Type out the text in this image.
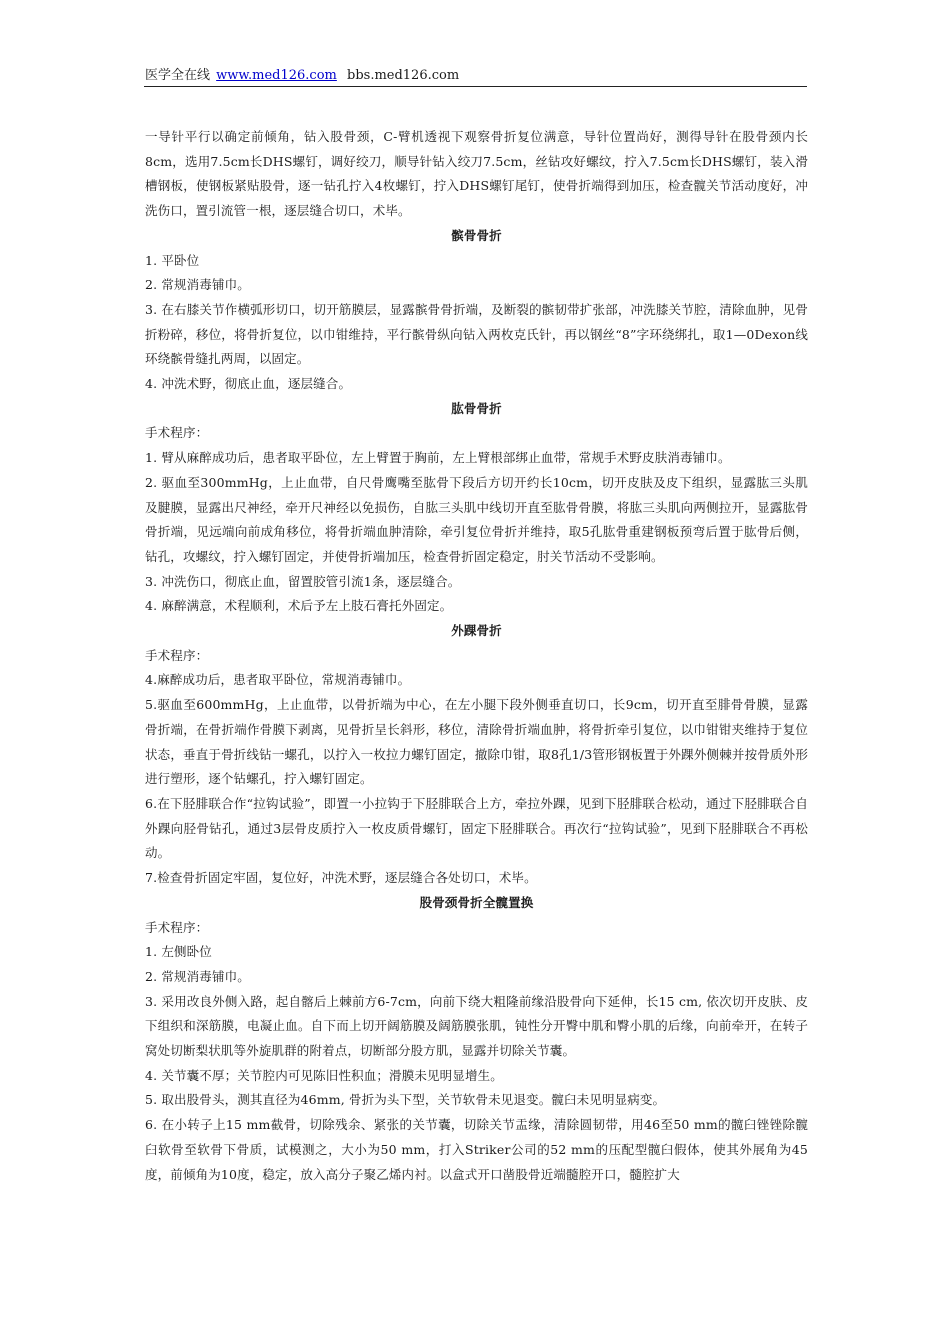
医学全在线 www.med126.com bbs.med126.com

一导针平行以确定前倾角，钻入股骨颈，C-臂机透视下观察骨折复位满意，导针位置尚好，测得导针在股骨颈内长8cm，选用7.5cm长DHS螺钉，调好绞刀，顺导针钻入绞刀7.5cm，丝钻攻好螺纹，拧入7.5cm长DHS螺钉，装入滑槽钢板，使钢板紧贴股骨，逐一钻孔拧入4枚螺钉，拧入DHS螺钉尾钉，使骨折端得到加压，检查髋关节活动度好，冲洗伤口，置引流管一根，逐层缝合切口，术毕。

髌骨骨折

1. 平卧位

2. 常规消毒铺巾。

3. 在右膝关节作横弧形切口，切开筋膜层，显露髌骨骨折端，及断裂的髌韧带扩张部，冲洗膝关节腔，清除血肿，见骨折粉碎，移位，将骨折复位，以巾钳维持，平行髌骨纵向钻入两枚克氏针，再以钢丝“8”字环绕绑扎，取1—0Dexon线环绕髌骨缝扎两周，以固定。

4. 冲洗术野，彻底止血，逐层缝合。

肱骨骨折

手术程序：

1. 臂从麻醉成功后，患者取平卧位，左上臂置于胸前，左上臂根部绑止血带，常规手术野皮肤消毒铺巾。

2. 驱血至300mmHg，上止血带，自尺骨鹰嘴至肱骨下段后方切开约长10cm，切开皮肤及皮下组织，显露肱三头肌及腱膜，显露出尺神经，牵开尺神经以免损伤，自肱三头肌中线切开直至肱骨骨膜，将肱三头肌向两侧拉开，显露肱骨骨折端，见远端向前成角移位，将骨折端血肿清除，牵引复位骨折并维持，取5孔肱骨重建钢板预弯后置于肱骨后侧，钻孔，攻螺纹，拧入螺钉固定，并使骨折端加压，检查骨折固定稳定，肘关节活动不受影响。

3. 冲洗伤口，彻底止血，留置胶管引流1条，逐层缝合。

4. 麻醉满意，术程顺利，术后予左上肢石膏托外固定。

外踝骨折

手术程序：

4.麻醉成功后，患者取平卧位，常规消毒铺巾。

5.驱血至600mmHg，上止血带，以骨折端为中心，在左小腿下段外侧垂直切口，长9cm，切开直至腓骨骨膜，显露骨折端，在骨折端作骨膜下剥离，见骨折呈长斜形，移位，清除骨折端血肿，将骨折牵引复位，以巾钳钳夹维持于复位状态，垂直于骨折线钻一螺孔，以拧入一枚拉力螺钉固定，撤除巾钳，取8孔1/3管形钢板置于外踝外侧棘并按骨质外形进行塑形，逐个钻螺孔，拧入螺钉固定。

6.在下胫腓联合作“拉钩试验”，即置一小拉钩于下胫腓联合上方，牵拉外踝，见到下胫腓联合松动，通过下胫腓联合自外踝向胫骨钻孔，通过3层骨皮质拧入一枚皮质骨螺钉，固定下胫腓联合。再次行“拉钩试验”，见到下胫腓联合不再松动。

7.检查骨折固定牢固，复位好，冲洗术野，逐层缝合各处切口，术毕。

股骨颈骨折全髋置换

手术程序：

1. 左侧卧位

2. 常规消毒铺巾。

3. 采用改良外侧入路，起自髂后上棘前方6-7cm，向前下绕大粗隆前缘沿股骨向下延伸，长15 cm, 依次切开皮肤、皮下组织和深筋膜，电凝止血。自下而上切开阔筋膜及阔筋膜张肌，钝性分开臀中肌和臀小肌的后缘，向前牵开，在转子窝处切断梨状肌等外旋肌群的附着点，切断部分股方肌，显露并切除关节囊。

4. 关节囊不厚；关节腔内可见陈旧性积血；滑膜未见明显增生。

5. 取出股骨头，测其直径为46mm, 骨折为头下型，关节软骨未见退变。髋臼未见明显病变。

6. 在小转子上15 mm截骨，切除残余、紧张的关节囊，切除关节盂缘，清除圆韧带，用46至50 mm的髋臼锉锉除髋臼软骨至软骨下骨质，试模测之，大小为50 mm，打入Striker公司的52 mm的压配型髋臼假体，使其外展角为45度，前倾角为10度，稳定，放入高分子聚乙烯内衬。以盒式开口凿股骨近端髓腔开口，髓腔扩大
